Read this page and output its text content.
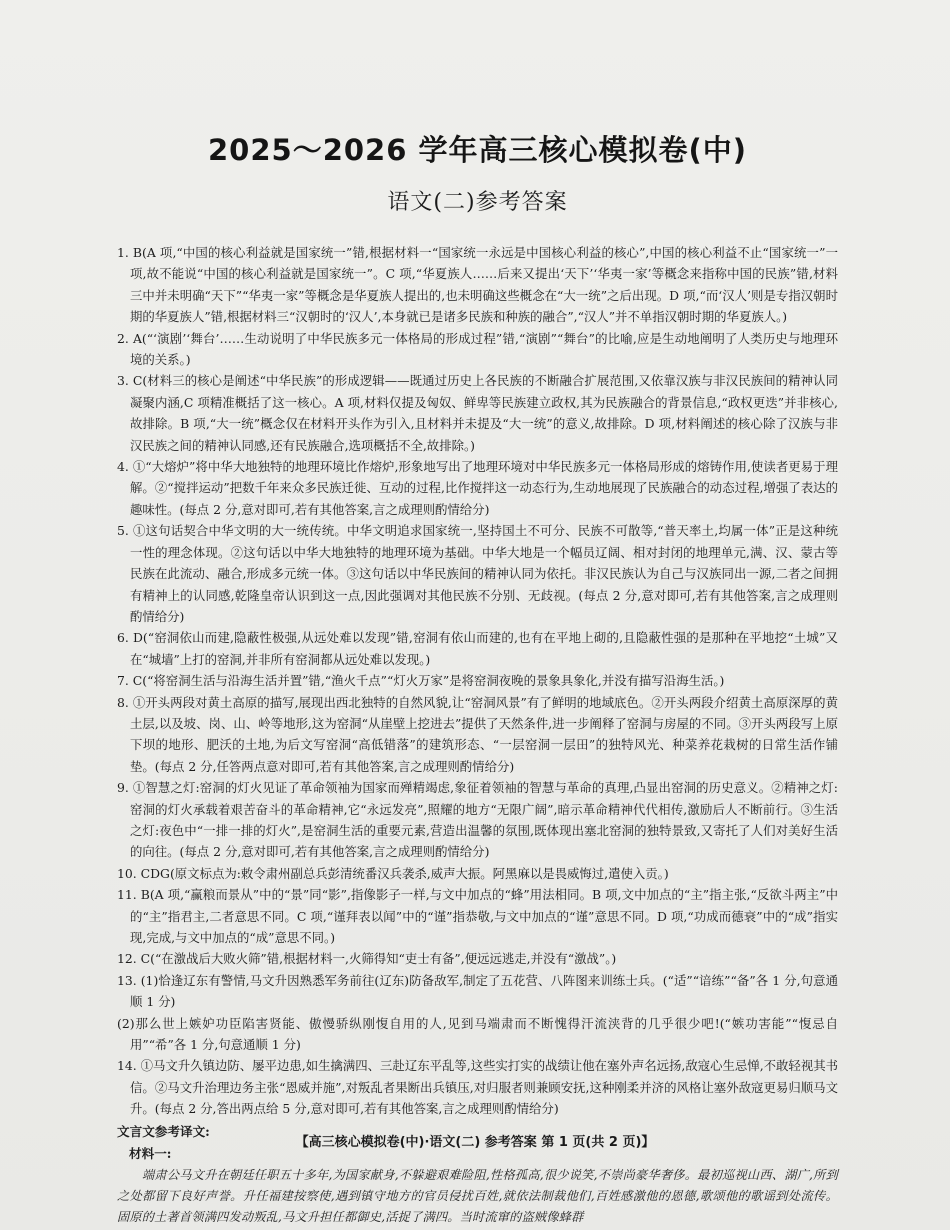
2025～2026 学年高三核心模拟卷(中)
语文(二)参考答案

1. B(A 项,“中国的核心利益就是国家统一”错,根据材料一“国家统一永远是中国核心利益的核心”,中国的核心利益不止“国家统一”一项,故不能说“中国的核心利益就是国家统一”。C 项,“华夏族人……后来又提出‘天下’‘华夷一家’等概念来指称中国的民族”错,材料三中并未明确“天下”“华夷一家”等概念是华夏族人提出的,也未明确这些概念在“大一统”之后出现。D 项,“而‘汉人’则是专指汉朝时期的华夏族人”错,根据材料三“汉朝时的‘汉人’,本身就已是诸多民族和种族的融合”,“汉人”并不单指汉朝时期的华夏族人。)

2. A(“‘演剧’‘舞台’……生动说明了中华民族多元一体格局的形成过程”错,“演剧”“舞台”的比喻,应是生动地阐明了人类历史与地理环境的关系。)

3. C(材料三的核心是阐述“中华民族”的形成逻辑——既通过历史上各民族的不断融合扩展范围,又依靠汉族与非汉民族间的精神认同凝聚内涵,C 项精准概括了这一核心。A 项,材料仅提及匈奴、鲜卑等民族建立政权,其为民族融合的背景信息,“政权更迭”并非核心,故排除。B 项,“大一统”概念仅在材料开头作为引入,且材料并未提及“大一统”的意义,故排除。D 项,材料阐述的核心除了汉族与非汉民族之间的精神认同感,还有民族融合,选项概括不全,故排除。)

4. ①“大熔炉”将中华大地独特的地理环境比作熔炉,形象地写出了地理环境对中华民族多元一体格局形成的熔铸作用,使读者更易于理解。②“搅拌运动”把数千年来众多民族迁徙、互动的过程,比作搅拌这一动态行为,生动地展现了民族融合的动态过程,增强了表达的趣味性。(每点 2 分,意对即可,若有其他答案,言之成理则酌情给分)

5. ①这句话契合中华文明的大一统传统。中华文明追求国家统一,坚持国土不可分、民族不可散等,“普天率土,均属一体”正是这种统一性的理念体现。②这句话以中华大地独特的地理环境为基础。中华大地是一个幅员辽阔、相对封闭的地理单元,满、汉、蒙古等民族在此流动、融合,形成多元统一体。③这句话以中华民族间的精神认同为依托。非汉民族认为自己与汉族同出一源,二者之间拥有精神上的认同感,乾隆皇帝认识到这一点,因此强调对其他民族不分别、无歧视。(每点 2 分,意对即可,若有其他答案,言之成理则酌情给分)

6. D(“窑洞依山而建,隐蔽性极强,从远处难以发现”错,窑洞有依山而建的,也有在平地上砌的,且隐蔽性强的是那种在平地挖“土城”又在“城墙”上打的窑洞,并非所有窑洞都从远处难以发现。)

7. C(“将窑洞生活与沿海生活并置”错,“渔火千点”“灯火万家”是将窑洞夜晚的景象具象化,并没有描写沿海生活。)

8. ①开头两段对黄土高原的描写,展现出西北独特的自然风貌,让“窑洞风景”有了鲜明的地域底色。②开头两段介绍黄土高原深厚的黄土层,以及坡、岗、山、岭等地形,这为窑洞“从崖壁上挖进去”提供了天然条件,进一步阐释了窑洞与房屋的不同。③开头两段写上原下坝的地形、肥沃的土地,为后文写窑洞“高低错落”的建筑形态、“一层窑洞一层田”的独特风光、种菜养花栽树的日常生活作铺垫。(每点 2 分,任答两点意对即可,若有其他答案,言之成理则酌情给分)

9. ①智慧之灯:窑洞的灯火见证了革命领袖为国家而殚精竭虑,象征着领袖的智慧与革命的真理,凸显出窑洞的历史意义。②精神之灯:窑洞的灯火承载着艰苦奋斗的革命精神,它“永远发亮”,照耀的地方“无限广阔”,暗示革命精神代代相传,激励后人不断前行。③生活之灯:夜色中“一排一排的灯火”,是窑洞生活的重要元素,营造出温馨的氛围,既体现出塞北窑洞的独特景致,又寄托了人们对美好生活的向往。(每点 2 分,意对即可,若有其他答案,言之成理则酌情给分)

10. CDG(原文标点为:敕令肃州副总兵彭清统番汉兵袭杀,威声大振。阿黑麻以是畏威悔过,遣使入贡。)

11. B(A 项,“赢粮而景从”中的“景”同“影”,指像影子一样,与文中加点的“蜂”用法相同。B 项,文中加点的“主”指主张,“反欲斗两主”中的“主”指君主,二者意思不同。C 项,“谨拜表以闻”中的“谨”指恭敬,与文中加点的“谨”意思不同。D 项,“功成而德衰”中的“成”指实现,完成,与文中加点的“成”意思不同。)

12. C(“在激战后大败火筛”错,根据材料一,火筛得知“吏士有备”,便远远逃走,并没有“激战”。)

13. (1)恰逢辽东有警情,马文升因熟悉军务前往(辽东)防备敌军,制定了五花营、八阵图来训练士兵。(“适”“谙练”“备”各 1 分,句意通顺 1 分)

(2)那么世上嫉妒功臣陷害贤能、傲慢骄纵刚愎自用的人,见到马端肃而不断愧得汗流浃背的几乎很少吧!(“嫉功害能”“愎忌自用”“希”各 1 分,句意通顺 1 分)

14. ①马文升久镇边防、屡平边患,如生擒满四、三赴辽东平乱等,这些实打实的战绩让他在塞外声名远扬,敌寇心生忌惮,不敢轻视其书信。②马文升治理边务主张“恩威并施”,对叛乱者果断出兵镇压,对归服者则兼顾安抚,这种刚柔并济的风格让塞外敌寇更易归顺马文升。(每点 2 分,答出两点给 5 分,意对即可,若有其他答案,言之成理则酌情给分)

文言文参考译文:
材料一:

端肃公马文升在朝廷任职五十多年,为国家献身,不躲避艰难险阻,性格孤高,很少说笑,不崇尚豪华奢侈。最初巡视山西、湖广,所到之处都留下良好声誉。升任福建按察使,遇到镇守地方的官员侵扰百姓,就依法制裁他们,百姓感激他的恩德,歌颂他的歌谣到处流传。固原的土著首领满四发动叛乱,马文升担任都御史,活捉了满四。当时流窜的盗贼像蜂群

【高三核心模拟卷(中)·语文(二) 参考答案 第 1 页(共 2 页)】
